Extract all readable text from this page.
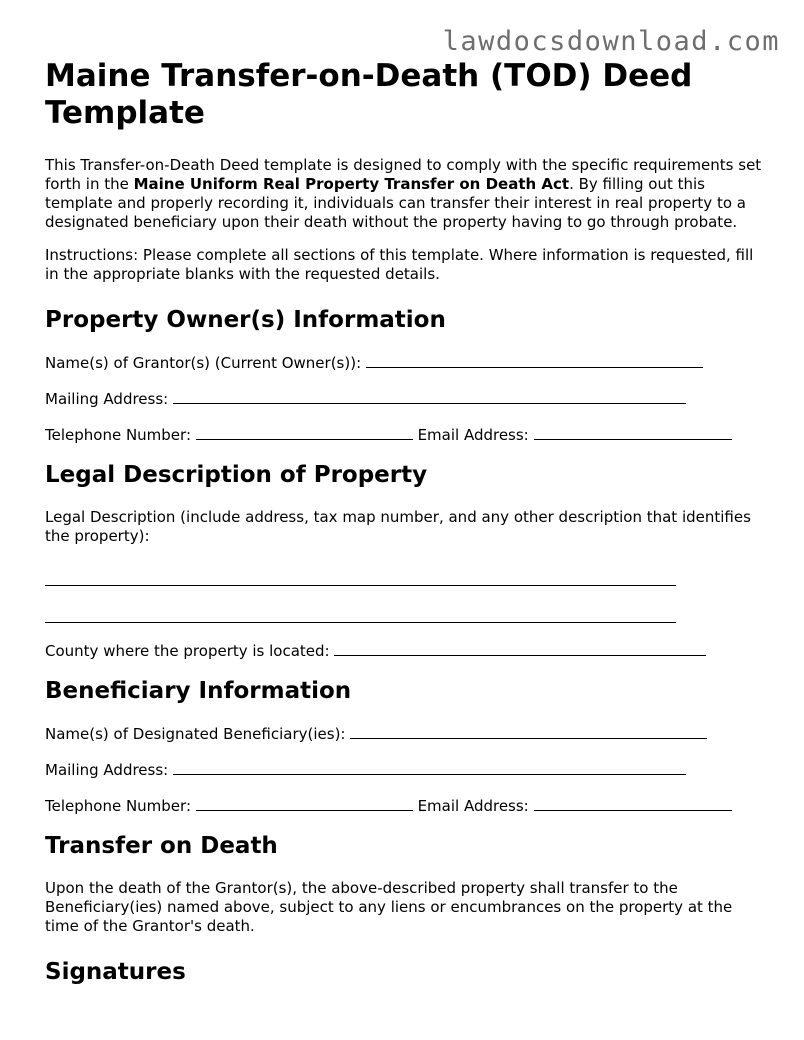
lawdocsdownload.com
Maine Transfer-on-Death (TOD) Deed Template

This Transfer-on-Death Deed template is designed to comply with the specific requirements set forth in the Maine Uniform Real Property Transfer on Death Act. By filling out this template and properly recording it, individuals can transfer their interest in real property to a designated beneficiary upon their death without the property having to go through probate.

Instructions: Please complete all sections of this template. Where information is requested, fill in the appropriate blanks with the requested details.

Property Owner(s) Information
Name(s) of Grantor(s) (Current Owner(s)):
Mailing Address:
Telephone Number:	Email Address:
Legal Description of Property

Legal Description (include address, tax map number, and any other description that identifies the property):

County where the property is located:
Beneficiary Information
Name(s) of Designated Beneficiary(ies):
Mailing Address:
Telephone Number:	Email Address:
Transfer on Death

Upon the death of the Grantor(s), the above-described property shall transfer to the Beneficiary(ies) named above, subject to any liens or encumbrances on the property at the time of the Grantor's death.

Signatures
